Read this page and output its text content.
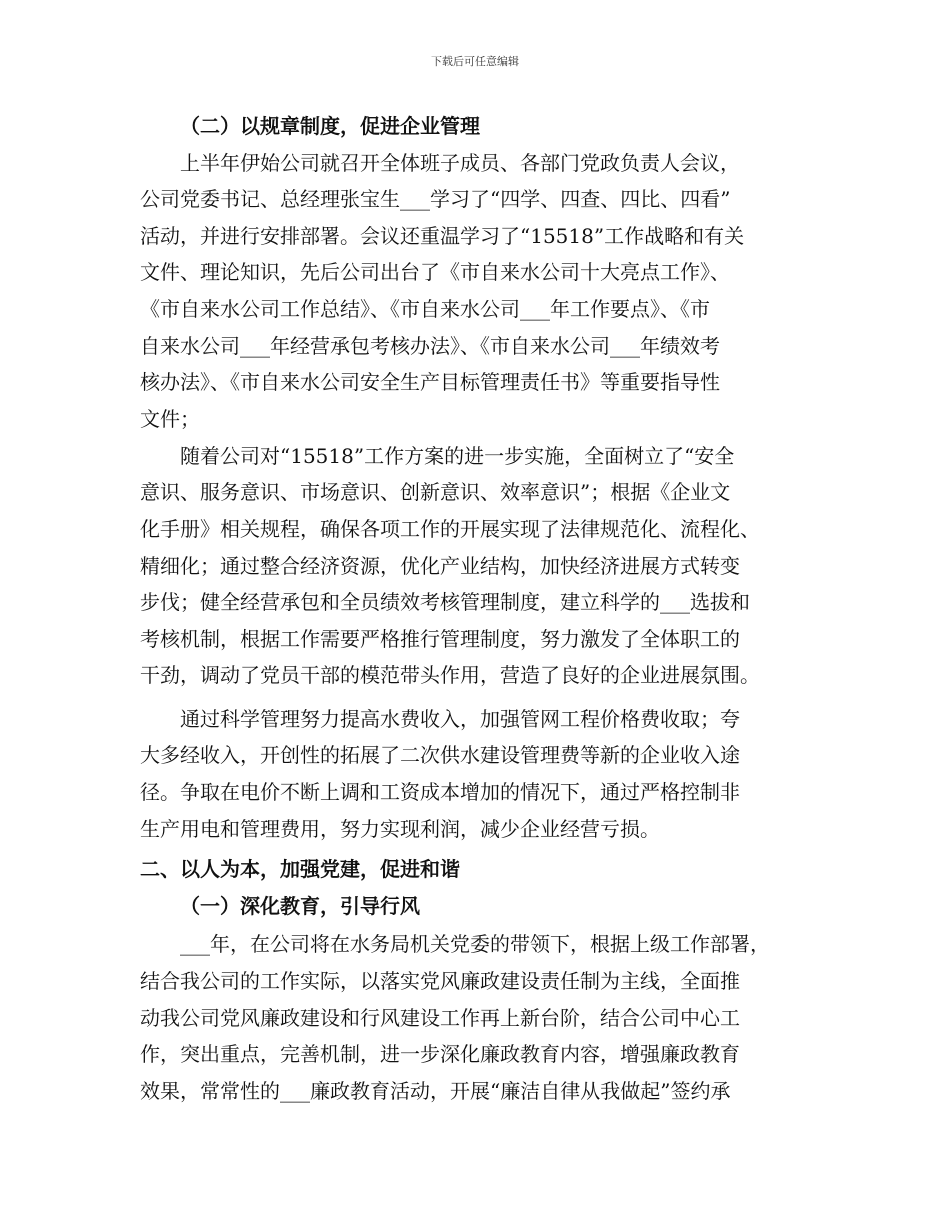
下载后可任意编辑
（二）以规章制度，促进企业管理
上半年伊始公司就召开全体班子成员、各部门党政负责人会议，
公司党委书记、总经理张宝生___学习了“四学、四查、四比、四看”
活动，并进行安排部署。会议还重温学习了“15518”工作战略和有关
文件、理论知识，先后公司出台了《市自来水公司十大亮点工作》、
《市自来水公司工作总结》、《市自来水公司___年工作要点》、《市
自来水公司___年经营承包考核办法》、《市自来水公司___年绩效考
核办法》、《市自来水公司安全生产目标管理责任书》等重要指导性
文件；
随着公司对“15518”工作方案的进一步实施，全面树立了“安全
意识、服务意识、市场意识、创新意识、效率意识”；根据《企业文
化手册》相关规程，确保各项工作的开展实现了法律规范化、流程化、
精细化；通过整合经济资源，优化产业结构，加快经济进展方式转变
步伐；健全经营承包和全员绩效考核管理制度，建立科学的___选拔和
考核机制，根据工作需要严格推行管理制度，努力激发了全体职工的
干劲，调动了党员干部的模范带头作用，营造了良好的企业进展氛围。
通过科学管理努力提高水费收入，加强管网工程价格费收取；夸
大多经收入，开创性的拓展了二次供水建设管理费等新的企业收入途
径。争取在电价不断上调和工资成本增加的情况下，通过严格控制非
生产用电和管理费用，努力实现利润，减少企业经营亏损。
二、以人为本，加强党建，促进和谐
（一）深化教育，引导行风
___年，在公司将在水务局机关党委的带领下，根据上级工作部署，
结合我公司的工作实际，以落实党风廉政建设责任制为主线，全面推
动我公司党风廉政建设和行风建设工作再上新台阶，结合公司中心工
作，突出重点，完善机制，进一步深化廉政教育内容，增强廉政教育
效果，常常性的___廉政教育活动，开展“廉洁自律从我做起”签约承
